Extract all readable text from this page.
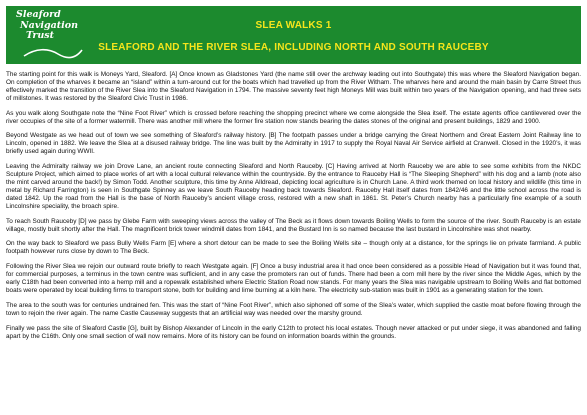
Sleaford
Navigation
Trust
SLEA WALKS 1
SLEAFORD AND THE RIVER SLEA, INCLUDING NORTH AND SOUTH RAUCEBY

The starting point for this walk is Moneys Yard, Sleaford. [A] Once known as Gladstones Yard (the name still over the archway leading out into Southgate) this was where the Sleaford Navigation began. On completion of the wharves it became an “island” within a turn-around cut for the boats which had travelled up from the River Witham. The wharves here and around the main basin by Carre Street thus effectively marked the transition of the River Slea into the Sleaford Navigation in 1794. The massive seventy feet high Moneys Mill was built within two years of the Navigation opening, and had three sets of millstones. It was restored by the Sleaford Civic Trust in 1986.

As you walk along Southgate note the “Nine Foot River” which is crossed before reaching the shopping precinct where we come alongside the Slea itself. The estate agents office cantilevered over the river occupies of the site of a former watermill. There was another mill where the former fire station now stands bearing the dates stones of the original and present buildings, 1829 and 1900.

Beyond Westgate as we head out of town we see something of Sleaford’s railway history. [B] The footpath passes under a bridge carrying the Great Northern and Great Eastern Joint Railway line to Lincoln, opened in 1882. We leave the Slea at a disused railway bridge. The line was built by the Admiralty in 1917 to supply the Royal Naval Air Service airfield at Cranwell. Closed in the 1920’s, it was briefly used again during WWII.

Leaving the Admiralty railway we join Drove Lane, an ancient route connecting Sleaford and North Rauceby. [C] Having arrived at North Rauceby we are able to see some exhibits from the NKDC Sculpture Project, which aimed to place works of art with a local cultural relevance within the countryside. By the entrance to Rauceby Hall is “The Sleeping Shepherd” with his dog and a lamb (note also the mint carved around the back!) by Simon Todd. Another sculpture, this time by Anne Alldread, depicting local agriculture is in Church Lane. A third work themed on local history and wildlife (this time in metal by Richard Farrington) is seen in Southgate Spinney as we leave South Rauceby heading back towards Sleaford. Rauceby Hall itself dates from 1842/46 and the little school across the road is dated 1842. Up the road from the Hall is the base of North Rauceby’s ancient village cross, restored with a new shaft in 1861. St. Peter’s Church nearby has a particularly fine example of a south Lincolnshire speciality, the broach spire.

To reach South Rauceby [D] we pass by Glebe Farm with sweeping views across the valley of The Beck as it flows down towards Boiling Wells to form the source of the river. South Rauceby is an estate village, mostly built shortly after the Hall. The magnificent brick tower windmill dates from 1841, and the Bustard Inn is so named because the last bustard in Lincolnshire was shot nearby.

On the way back to Sleaford we pass Bully Wells Farm [E] where a short detour can be made to see the Boiling Wells site – though only at a distance, for the springs lie on private farmland. A public footpath however runs close by down to The Beck.

Following the River Slea we rejoin our outward route briefly to reach Westgate again. [F] Once a busy industrial area it had once been considered as a possible Head of Navigation but it was found that, for commercial purposes, a terminus in the town centre was sufficient, and in any case the promoters ran out of funds. There had been a corn mill here by the river since the Middle Ages, which by the early C18th had been converted into a hemp mill and a ropewalk established where Electric Station Road now stands. For many years the Slea was navigable upstream to Boiling Wells and flat bottomed boats were operated by local building firms to transport stone, both for building and lime burning at a kiln here. The electricity sub-station was built in 1901 as a generating station for the town.

The area to the south was for centuries undrained fen. This was the start of “Nine Foot River”, which also siphoned off some of the Slea’s water, which supplied the castle moat before flowing through the town to rejoin the river again. The name Castle Causeway suggests that an artificial way was needed over the marshy ground.

Finally we pass the site of Sleaford Castle [G], built by Bishop Alexander of Lincoln in the early C12th to protect his local estates. Though never attacked or put under siege, it was abandoned and falling apart by the C16th. Only one small section of wall now remains. More of its history can be found on information boards within the grounds.
